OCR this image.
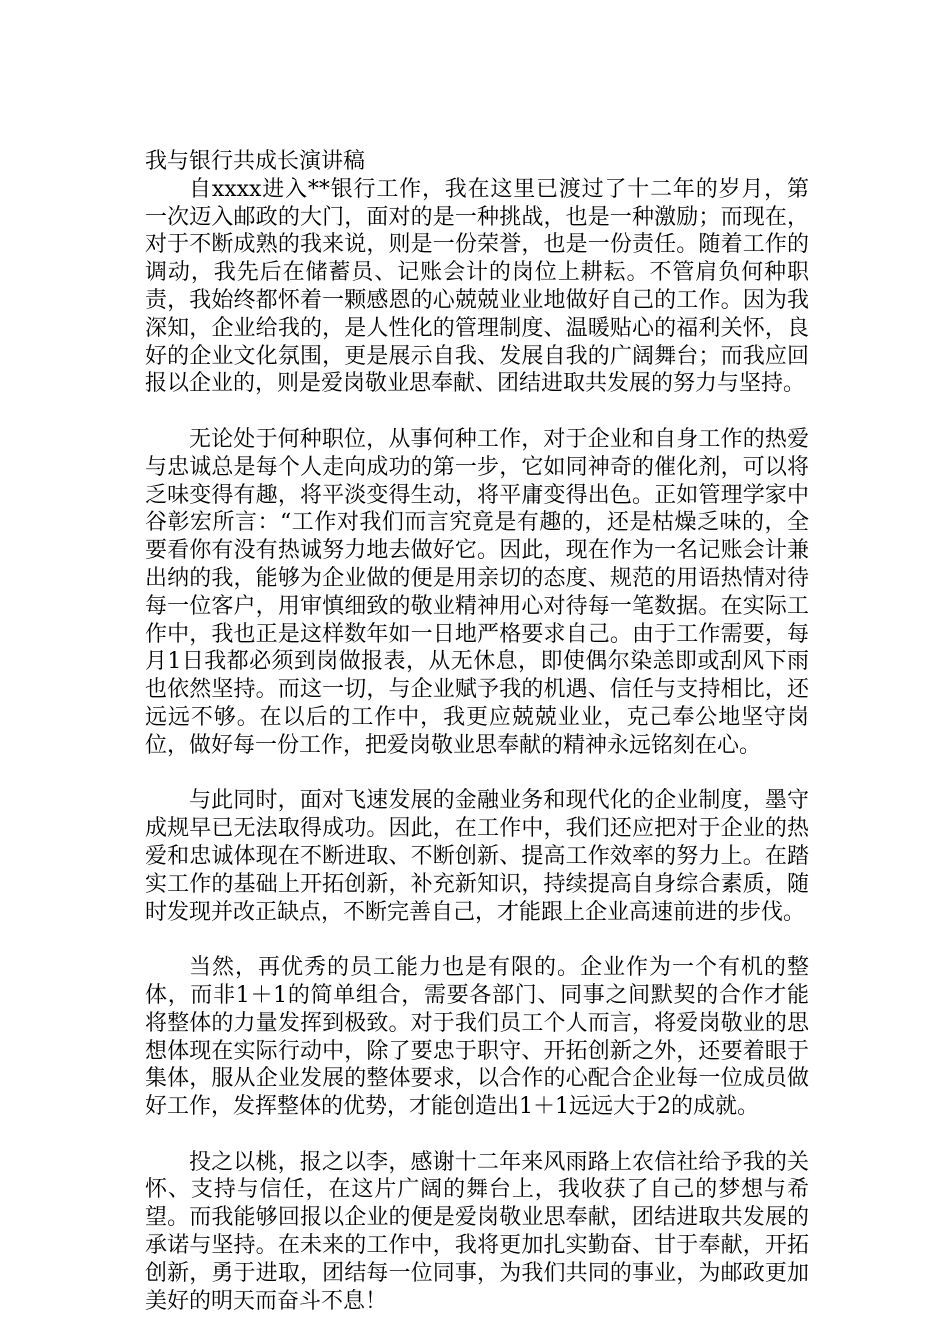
我与银行共成长演讲稿

自xxxx进入**银行工作，我在这里已渡过了十二年的岁月，第一次迈入邮政的大门，面对的是一种挑战，也是一种激励；而现在，对于不断成熟的我来说，则是一份荣誉，也是一份责任。随着工作的调动，我先后在储蓄员、记账会计的岗位上耕耘。不管肩负何种职责，我始终都怀着一颗感恩的心兢兢业业地做好自己的工作。因为我深知，企业给我的，是人性化的管理制度、温暖贴心的福利关怀，良好的企业文化氛围，更是展示自我、发展自我的广阔舞台；而我应回报以企业的，则是爱岗敬业思奉献、团结进取共发展的努力与坚持。

无论处于何种职位，从事何种工作，对于企业和自身工作的热爱与忠诚总是每个人走向成功的第一步，它如同神奇的催化剂，可以将乏味变得有趣，将平淡变得生动，将平庸变得出色。正如管理学家中谷彰宏所言：“工作对我们而言究竟是有趣的，还是枯燥乏味的，全要看你有没有热诚努力地去做好它。因此，现在作为一名记账会计兼出纳的我，能够为企业做的便是用亲切的态度、规范的用语热情对待每一位客户，用审慎细致的敬业精神用心对待每一笔数据。在实际工作中，我也正是这样数年如一日地严格要求自己。由于工作需要，每月1日我都必须到岗做报表，从无休息，即使偶尔染恙即或刮风下雨也依然坚持。而这一切，与企业赋予我的机遇、信任与支持相比，还远远不够。在以后的工作中，我更应兢兢业业，克己奉公地坚守岗位，做好每一份工作，把爱岗敬业思奉献的精神永远铭刻在心。

与此同时，面对飞速发展的金融业务和现代化的企业制度，墨守成规早已无法取得成功。因此，在工作中，我们还应把对于企业的热爱和忠诚体现在不断进取、不断创新、提高工作效率的努力上。在踏实工作的基础上开拓创新，补充新知识，持续提高自身综合素质，随时发现并改正缺点，不断完善自己，才能跟上企业高速前进的步伐。

当然，再优秀的员工能力也是有限的。企业作为一个有机的整体，而非1＋1的简单组合，需要各部门、同事之间默契的合作才能将整体的力量发挥到极致。对于我们员工个人而言，将爱岗敬业的思想体现在实际行动中，除了要忠于职守、开拓创新之外，还要着眼于集体，服从企业发展的整体要求，以合作的心配合企业每一位成员做好工作，发挥整体的优势，才能创造出1＋1远远大于2的成就。

投之以桃，报之以李，感谢十二年来风雨路上农信社给予我的关怀、支持与信任，在这片广阔的舞台上，我收获了自己的梦想与希望。而我能够回报以企业的便是爱岗敬业思奉献，团结进取共发展的承诺与坚持。在未来的工作中，我将更加扎实勤奋、甘于奉献，开拓创新，勇于进取，团结每一位同事，为我们共同的事业，为邮政更加美好的明天而奋斗不息！
